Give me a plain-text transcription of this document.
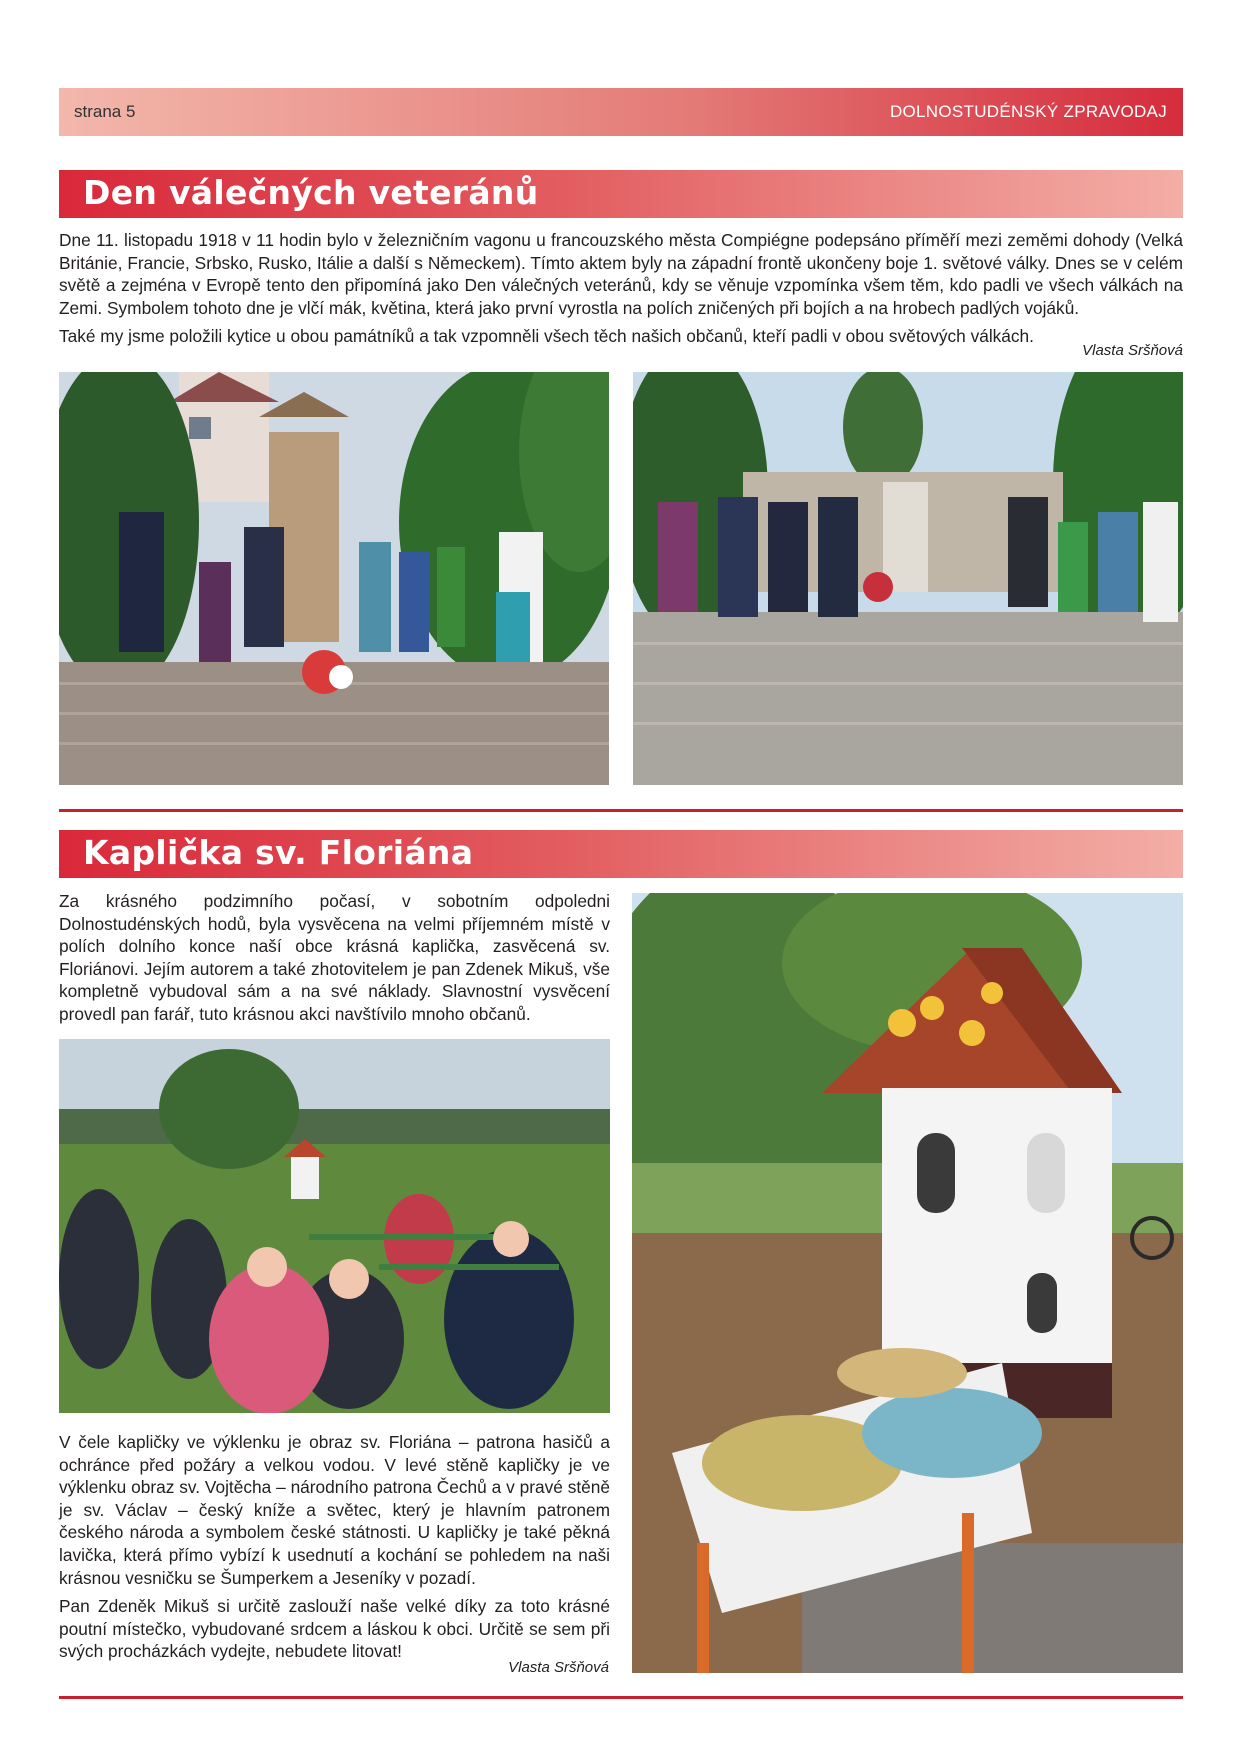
strana 5	DOLNOSTUDÉNSKÝ ZPRAVODAJ
Den válečných veteránů

Dne 11. listopadu 1918 v 11 hodin bylo v železničním vagonu u francouzského města Compiégne podepsáno příměří mezi zeměmi dohody (Velká Británie, Francie, Srbsko, Rusko, Itálie a další s Německem). Tímto aktem byly na západní frontě ukončeny boje 1. světové války. Dnes se v celém světě a zejména v Evropě tento den připomíná jako Den válečných veteránů, kdy se věnuje vzpomínka všem těm, kdo padli ve všech válkách na Zemi. Symbolem tohoto dne je vlčí mák, květina, která jako první vyrostla na polích zničených při bojích a na hrobech padlých vojáků.

Také my jsme položili kytice u obou památníků a tak vzpomněli všech těch našich občanů, kteří padli v obou světových válkách.

Vlasta Sršňová
Kaplička sv. Floriána

Za krásného podzimního počasí, v sobotním odpoledni Dolnostudénských hodů, byla vysvěcena na velmi příjemném místě v polích dolního konce naší obce krásná kaplička, zasvěcená sv. Floriánovi. Jejím autorem a také zhotovitelem je pan Zdenek Mikuš, vše kompletně vybudoval sám a na své náklady. Slavnostní vysvěcení provedl pan farář, tuto krásnou akci navštívilo mnoho občanů.

V čele kapličky ve výklenku je obraz sv. Floriána – patrona hasičů a ochránce před požáry a velkou vodou. V levé stěně kapličky je ve výklenku obraz sv. Vojtěcha – národního patrona Čechů a v pravé stěně je sv. Václav – český kníže a světec, který je hlavním patronem českého národa a symbolem české státnosti. U kapličky je také pěkná lavička, která přímo vybízí k usednutí a kochání se pohledem na naši krásnou vesničku se Šumperkem a Jeseníky v pozadí.

Pan Zdeněk Mikuš si určitě zaslouží naše velké díky za toto krásné poutní místečko, vybudované srdcem a láskou k obci. Určitě se sem při svých procházkách vydejte, nebudete litovat!

Vlasta Sršňová
